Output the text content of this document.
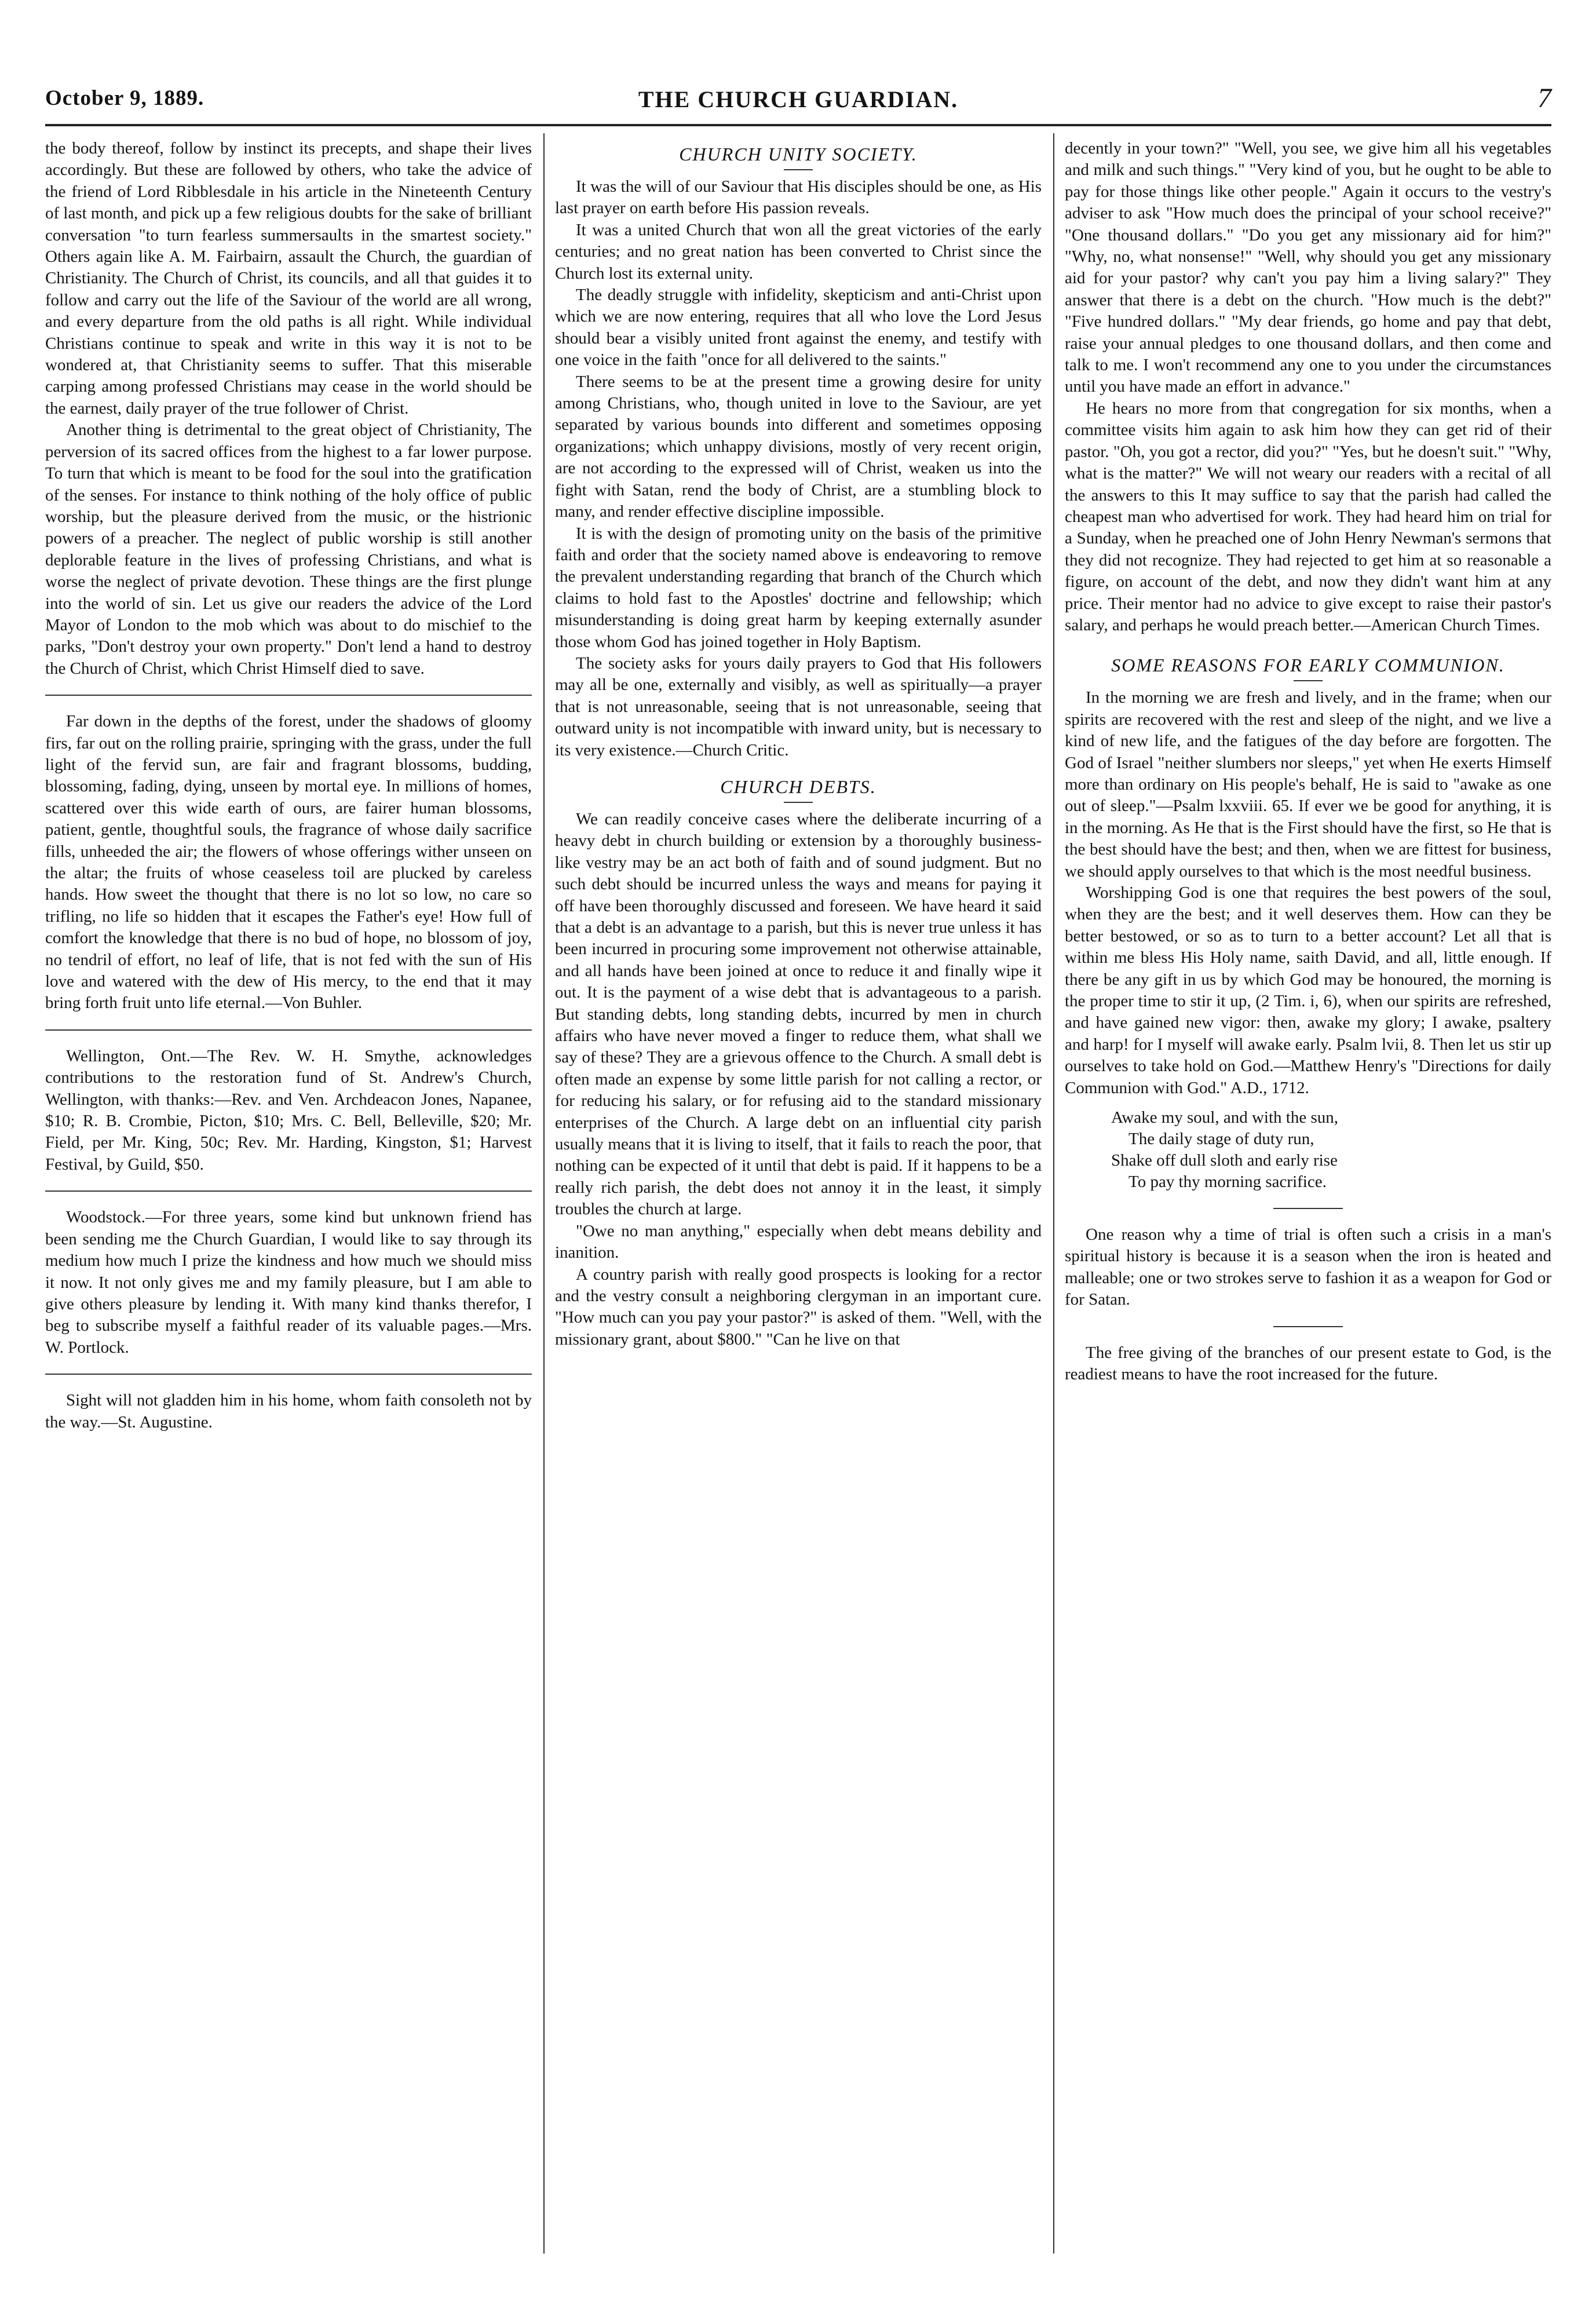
October 9, 1889.	THE CHURCH GUARDIAN.	7

the body thereof, follow by instinct its precepts, and shape their lives accordingly. But these are followed by others, who take the advice of the friend of Lord Ribblesdale in his article in the Nineteenth Century of last month, and pick up a few religious doubts for the sake of brilliant conversation "to turn fearless summersaults in the smartest society." Others again like A. M. Fairbairn, assault the Church, the guardian of Christianity. The Church of Christ, its councils, and all that guides it to follow and carry out the life of the Saviour of the world are all wrong, and every departure from the old paths is all right. While individual Christians continue to speak and write in this way it is not to be wondered at, that Christianity seems to suffer. That this miserable carping among professed Christians may cease in the world should be the earnest, daily prayer of the true follower of Christ.

Another thing is detrimental to the great object of Christianity, The perversion of its sacred offices from the highest to a far lower purpose. To turn that which is meant to be food for the soul into the gratification of the senses. For instance to think nothing of the holy office of public worship, but the pleasure derived from the music, or the histrionic powers of a preacher. The neglect of public worship is still another deplorable feature in the lives of professing Christians, and what is worse the neglect of private devotion. These things are the first plunge into the world of sin. Let us give our readers the advice of the Lord Mayor of London to the mob which was about to do mischief to the parks, "Don't destroy your own property." Don't lend a hand to destroy the Church of Christ, which Christ Himself died to save.

Far down in the depths of the forest, under the shadows of gloomy firs, far out on the rolling prairie, springing with the grass, under the full light of the fervid sun, are fair and fragrant blossoms, budding, blossoming, fading, dying, unseen by mortal eye. In millions of homes, scattered over this wide earth of ours, are fairer human blossoms, patient, gentle, thoughtful souls, the fragrance of whose daily sacrifice fills, unheeded the air; the flowers of whose offerings wither unseen on the altar; the fruits of whose ceaseless toil are plucked by careless hands. How sweet the thought that there is no lot so low, no care so trifling, no life so hidden that it escapes the Father's eye! How full of comfort the knowledge that there is no bud of hope, no blossom of joy, no tendril of effort, no leaf of life, that is not fed with the sun of His love and watered with the dew of His mercy, to the end that it may bring forth fruit unto life eternal.—Von Buhler.

Wellington, Ont.—The Rev. W. H. Smythe, acknowledges contributions to the restoration fund of St. Andrew's Church, Wellington, with thanks:—Rev. and Ven. Archdeacon Jones, Napanee, $10; R. B. Crombie, Picton, $10; Mrs. C. Bell, Belleville, $20; Mr. Field, per Mr. King, 50c; Rev. Mr. Harding, Kingston, $1; Harvest Festival, by Guild, $50.

Woodstock.—For three years, some kind but unknown friend has been sending me the Church Guardian, I would like to say through its medium how much I prize the kindness and how much we should miss it now. It not only gives me and my family pleasure, but I am able to give others pleasure by lending it. With many kind thanks therefor, I beg to subscribe myself a faithful reader of its valuable pages.—Mrs. W. Portlock.

Sight will not gladden him in his home, whom faith consoleth not by the way.—St. Augustine.

CHURCH UNITY SOCIETY.

It was the will of our Saviour that His disciples should be one, as His last prayer on earth before His passion reveals.

It was a united Church that won all the great victories of the early centuries; and no great nation has been converted to Christ since the Church lost its external unity.

The deadly struggle with infidelity, skepticism and anti-Christ upon which we are now entering, requires that all who love the Lord Jesus should bear a visibly united front against the enemy, and testify with one voice in the faith "once for all delivered to the saints."

There seems to be at the present time a growing desire for unity among Christians, who, though united in love to the Saviour, are yet separated by various bounds into different and sometimes opposing organizations; which unhappy divisions, mostly of very recent origin, are not according to the expressed will of Christ, weaken us into the fight with Satan, rend the body of Christ, are a stumbling block to many, and render effective discipline impossible.

It is with the design of promoting unity on the basis of the primitive faith and order that the society named above is endeavoring to remove the prevalent understanding regarding that branch of the Church which claims to hold fast to the Apostles' doctrine and fellowship; which misunderstanding is doing great harm by keeping externally asunder those whom God has joined together in Holy Baptism.

The society asks for yours daily prayers to God that His followers may all be one, externally and visibly, as well as spiritually—a prayer that is not unreasonable, seeing that is not unreasonable, seeing that outward unity is not incompatible with inward unity, but is necessary to its very existence.—Church Critic.

CHURCH DEBTS.

We can readily conceive cases where the deliberate incurring of a heavy debt in church building or extension by a thoroughly business-like vestry may be an act both of faith and of sound judgment. But no such debt should be incurred unless the ways and means for paying it off have been thoroughly discussed and foreseen. We have heard it said that a debt is an advantage to a parish, but this is never true unless it has been incurred in procuring some improvement not otherwise attainable, and all hands have been joined at once to reduce it and finally wipe it out. It is the payment of a wise debt that is advantageous to a parish. But standing debts, long standing debts, incurred by men in church affairs who have never moved a finger to reduce them, what shall we say of these? They are a grievous offence to the Church. A small debt is often made an expense by some little parish for not calling a rector, or for reducing his salary, or for refusing aid to the standard missionary enterprises of the Church. A large debt on an influential city parish usually means that it is living to itself, that it fails to reach the poor, that nothing can be expected of it until that debt is paid. If it happens to be a really rich parish, the debt does not annoy it in the least, it simply troubles the church at large.

"Owe no man anything," especially when debt means debility and inanition.

A country parish with really good prospects is looking for a rector and the vestry consult a neighboring clergyman in an important cure. "How much can you pay your pastor?" is asked of them. "Well, with the missionary grant, about $800." "Can he live on that

decently in your town?" "Well, you see, we give him all his vegetables and milk and such things." "Very kind of you, but he ought to be able to pay for those things like other people." Again it occurs to the vestry's adviser to ask "How much does the principal of your school receive?" "One thousand dollars." "Do you get any missionary aid for him?" "Why, no, what nonsense!" "Well, why should you get any missionary aid for your pastor? why can't you pay him a living salary?" They answer that there is a debt on the church. "How much is the debt?" "Five hundred dollars." "My dear friends, go home and pay that debt, raise your annual pledges to one thousand dollars, and then come and talk to me. I won't recommend any one to you under the circumstances until you have made an effort in advance."

He hears no more from that congregation for six months, when a committee visits him again to ask him how they can get rid of their pastor. "Oh, you got a rector, did you?" "Yes, but he doesn't suit." "Why, what is the matter?" We will not weary our readers with a recital of all the answers to this It may suffice to say that the parish had called the cheapest man who advertised for work. They had heard him on trial for a Sunday, when he preached one of John Henry Newman's sermons that they did not recognize. They had rejected to get him at so reasonable a figure, on account of the debt, and now they didn't want him at any price. Their mentor had no advice to give except to raise their pastor's salary, and perhaps he would preach better.—American Church Times.

SOME REASONS FOR EARLY COMMUNION.

In the morning we are fresh and lively, and in the frame; when our spirits are recovered with the rest and sleep of the night, and we live a kind of new life, and the fatigues of the day before are forgotten. The God of Israel "neither slumbers nor sleeps," yet when He exerts Himself more than ordinary on His people's behalf, He is said to "awake as one out of sleep."—Psalm lxxviii. 65. If ever we be good for anything, it is in the morning. As He that is the First should have the first, so He that is the best should have the best; and then, when we are fittest for business, we should apply ourselves to that which is the most needful business.

Worshipping God is one that requires the best powers of the soul, when they are the best; and it well deserves them. How can they be better bestowed, or so as to turn to a better account? Let all that is within me bless His Holy name, saith David, and all, little enough. If there be any gift in us by which God may be honoured, the morning is the proper time to stir it up, (2 Tim. i, 6), when our spirits are refreshed, and have gained new vigor: then, awake my glory; I awake, psaltery and harp! for I myself will awake early. Psalm lvii, 8. Then let us stir up ourselves to take hold on God.—Matthew Henry's "Directions for daily Communion with God." A.D., 1712.

Awake my soul, and with the sun,
The daily stage of duty run,
Shake off dull sloth and early rise
To pay thy morning sacrifice.

One reason why a time of trial is often such a crisis in a man's spiritual history is because it is a season when the iron is heated and malleable; one or two strokes serve to fashion it as a weapon for God or for Satan.

The free giving of the branches of our present estate to God, is the readiest means to have the root increased for the future.
